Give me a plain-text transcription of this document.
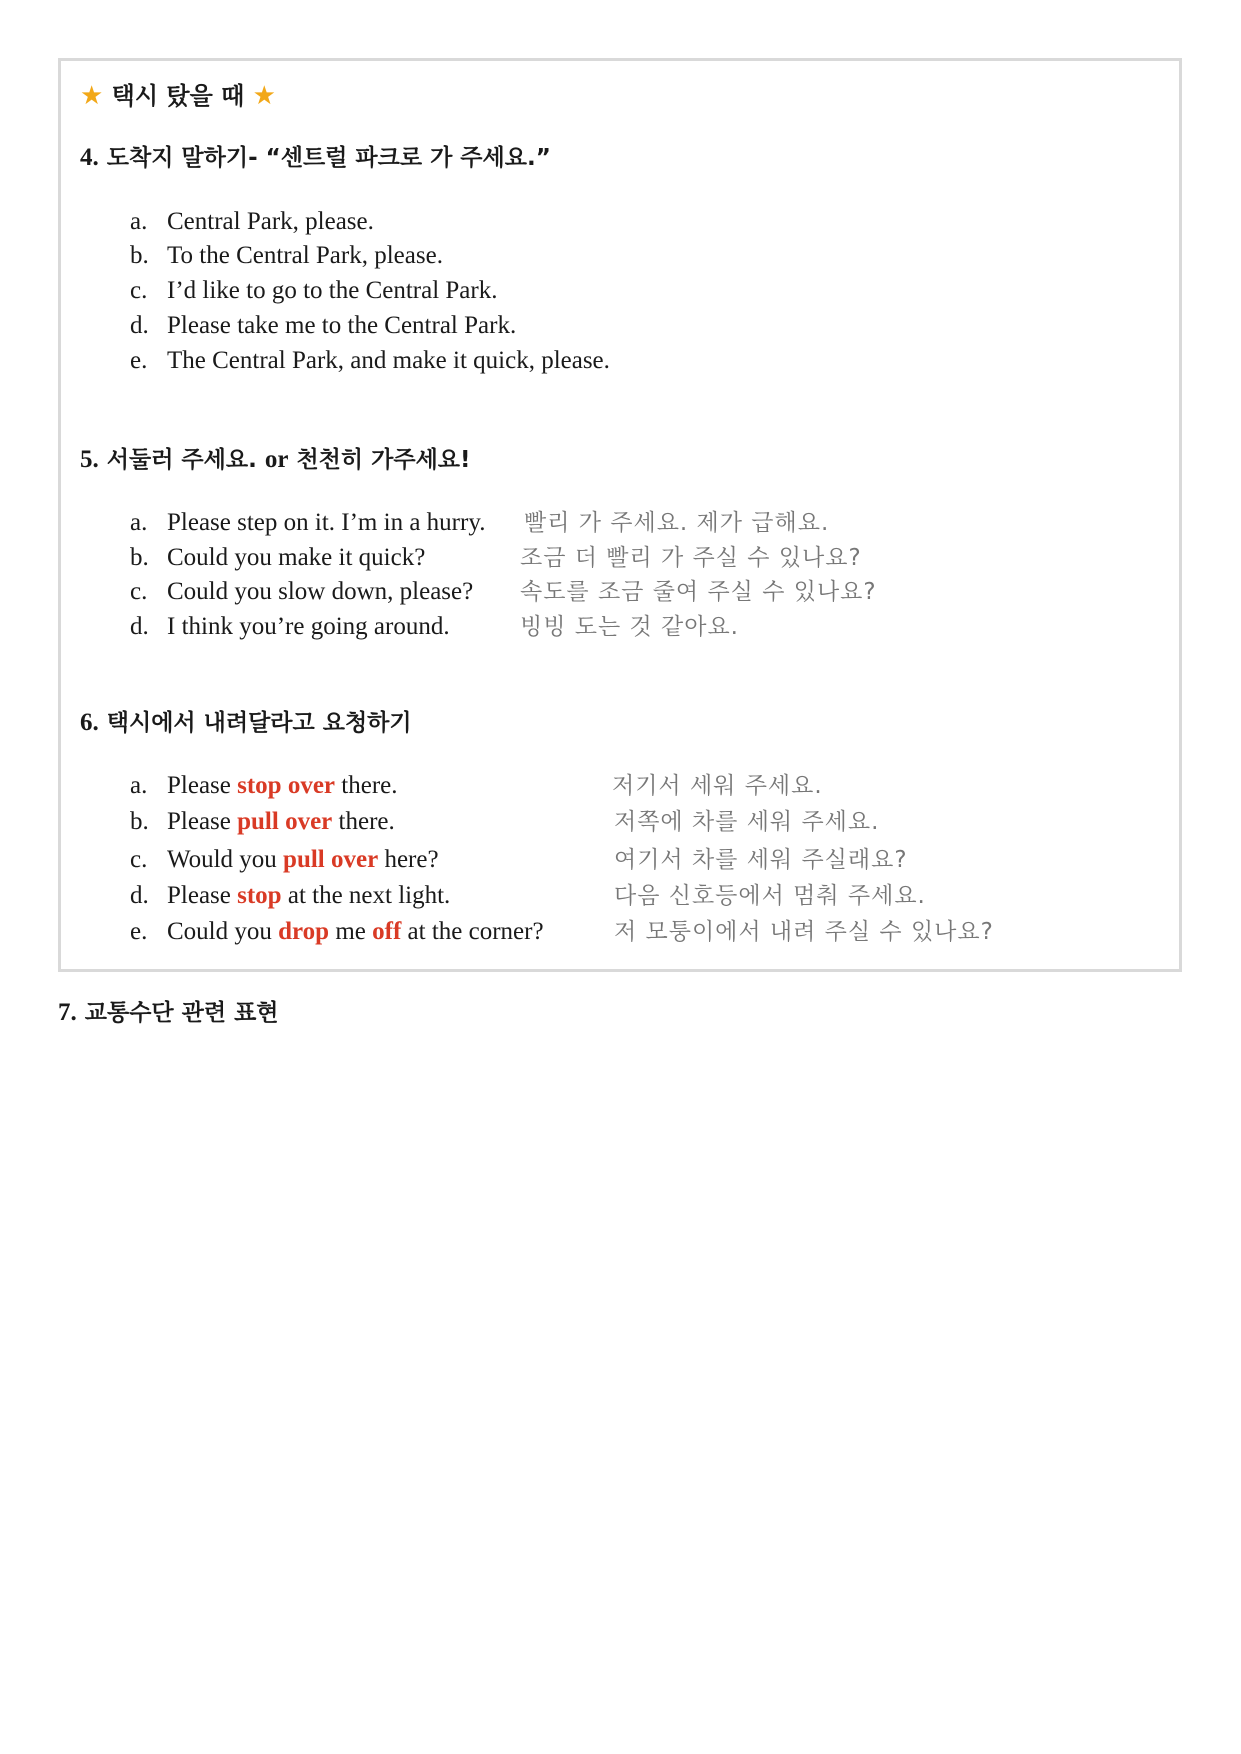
★ 택시 탔을 때 ★
4. 도착지 말하기- “센트럴 파크로 가 주세요.”
a. Central Park, please.
b. To the Central Park, please.
c. I’d like to go to the Central Park.
d. Please take me to the Central Park.
e. The Central Park, and make it quick, please.
5. 서둘러 주세요. or 천천히 가주세요!
a. Please step on it. I’m in a hurry. 빨리 가 주세요. 제가 급해요.
b. Could you make it quick?	조금 더 빨리 가 주실 수 있나요?
c. Could you slow down, please? 속도를 조금 줄여 주실 수 있나요?
d. I think you’re going around.	빙빙 도는 것 같아요.
6. 택시에서 내려달라고 요청하기
a. Please stop over there.	저기서 세워 주세요.
b. Please pull over there.	저쪽에 차를 세워 주세요.
c. Would you pull over here?	여기서 차를 세워 주실래요?
d. Please stop at the next light.	다음 신호등에서 멈춰 주세요.
e. Could you drop me off at the corner?	저 모퉁이에서 내려 주실 수 있나요?
7. 교통수단 관련 표현
